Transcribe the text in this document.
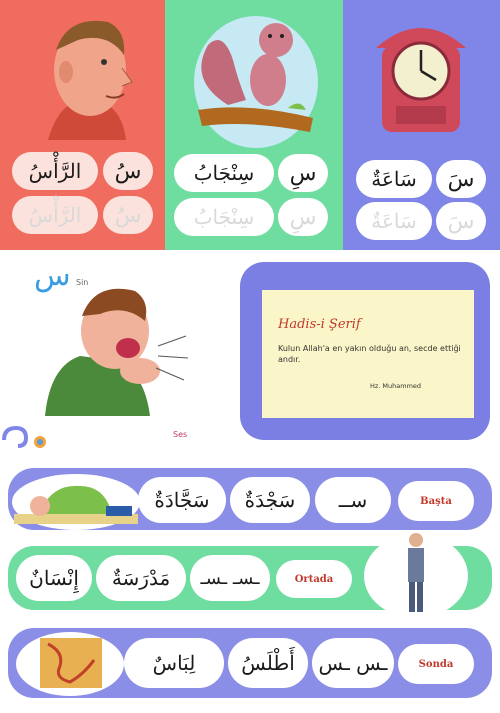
سُ
الرَّأْسُ
سُ
الرَّأْسُ
سِ
سِنْجَابُ
سِ
سِنْجَابُ
سَ
سَاعَةٌ
سَ
سَاعَةٌ
س Sin
Ses
Hadis-i Şerif
Kulun Allah'a en yakın olduğu an, secde ettiği andır.
Hz. Muhammed
سَجَّادَةٌ	سَجْدَةٌ	ســ	Başta
إِنْسَانٌ	مَدْرَسَةٌ	ـسـ ـسـ	Ortada
لِبَاسٌ	أَطْلَسُ	ـس ـس	Sonda
